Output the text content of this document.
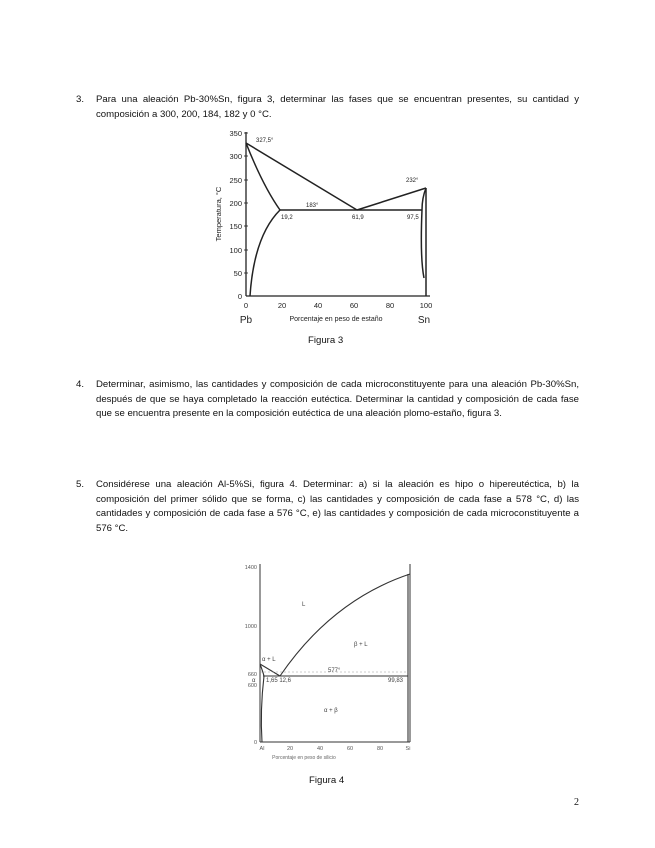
3. Para una aleación Pb-30%Sn, figura 3, determinar las fases que se encuentran presentes, su cantidad y composición a 300, 200, 184, 182 y 0 °C.
350
300
250
200
150
100
50
0
Temperatura, °C
0	20	40	60	80	100
Pb	Porcentaje en peso de estaño	Sn
327,5°
232°
183°
19,2	61,9	97,5
Figura 3
4. Determinar, asimismo, las cantidades y composición de cada microconstituyente para una aleación Pb-30%Sn, después de que se haya completado la reacción eutéctica. Determinar la cantidad y composición de cada fase que se encuentra presente en la composición eutéctica de una aleación plomo-estaño, figura 3.
5. Considérese una aleación Al-5%Si, figura 4. Determinar: a) si la aleación es hipo o hipereutéctica, b) la composición del primer sólido que se forma, c) las cantidades y composición de cada fase a 578 °C, d) las cantidades y composición de cada fase a 576 °C, e) las cantidades y composición de cada microconstituyente a 576 °C.
1400
1000
600
0
660
Al	20	40	60	80	Si
Porcentaje en peso de silicio
L
β + L
α + L
577°
1,65 12,6	99,83
α + β
α
Figura 4
2
